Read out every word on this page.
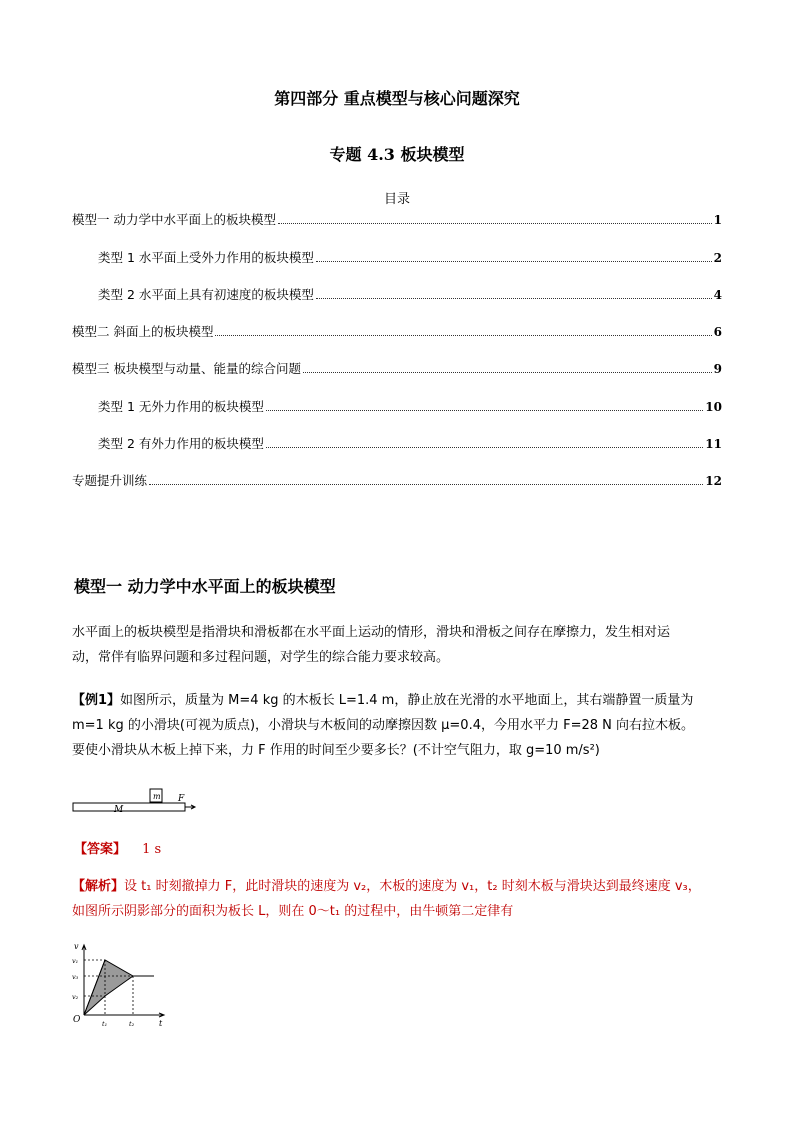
第四部分 重点模型与核心问题深究
专题 4.3 板块模型
目录
模型一 动力学中水平面上的板块模型	1
类型 1 水平面上受外力作用的板块模型	2
类型 2 水平面上具有初速度的板块模型	4
模型二 斜面上的板块模型	6
模型三 板块模型与动量、能量的综合问题	9
类型 1 无外力作用的板块模型	10
类型 2 有外力作用的板块模型	11
专题提升训练	12
模型一 动力学中水平面上的板块模型
水平面上的板块模型是指滑块和滑板都在水平面上运动的情形，滑块和滑板之间存在摩擦力，发生相对运
动，常伴有临界问题和多过程问题，对学生的综合能力要求较高。
【例1】如图所示，质量为 M=4 kg 的木板长 L=1.4 m，静止放在光滑的水平地面上，其右端静置一质量为
m=1 kg 的小滑块(可视为质点)，小滑块与木板间的动摩擦因数 μ=0.4，今用水平力 F=28 N 向右拉木板。
要使小滑块从木板上掉下来，力 F 作用的时间至少要多长？(不计空气阻力，取 g=10 m/s²)
M
m F
【答案】 1 s
【解析】设 t₁ 时刻撤掉力 F，此时滑块的速度为 v₂，木板的速度为 v₁，t₂ 时刻木板与滑块达到最终速度 v₃，
如图所示阴影部分的面积为板长 L，则在 0～t₁ 的过程中，由牛顿第二定律有
v
v₁
v₃
v₂
O	t₁	t₂	t
